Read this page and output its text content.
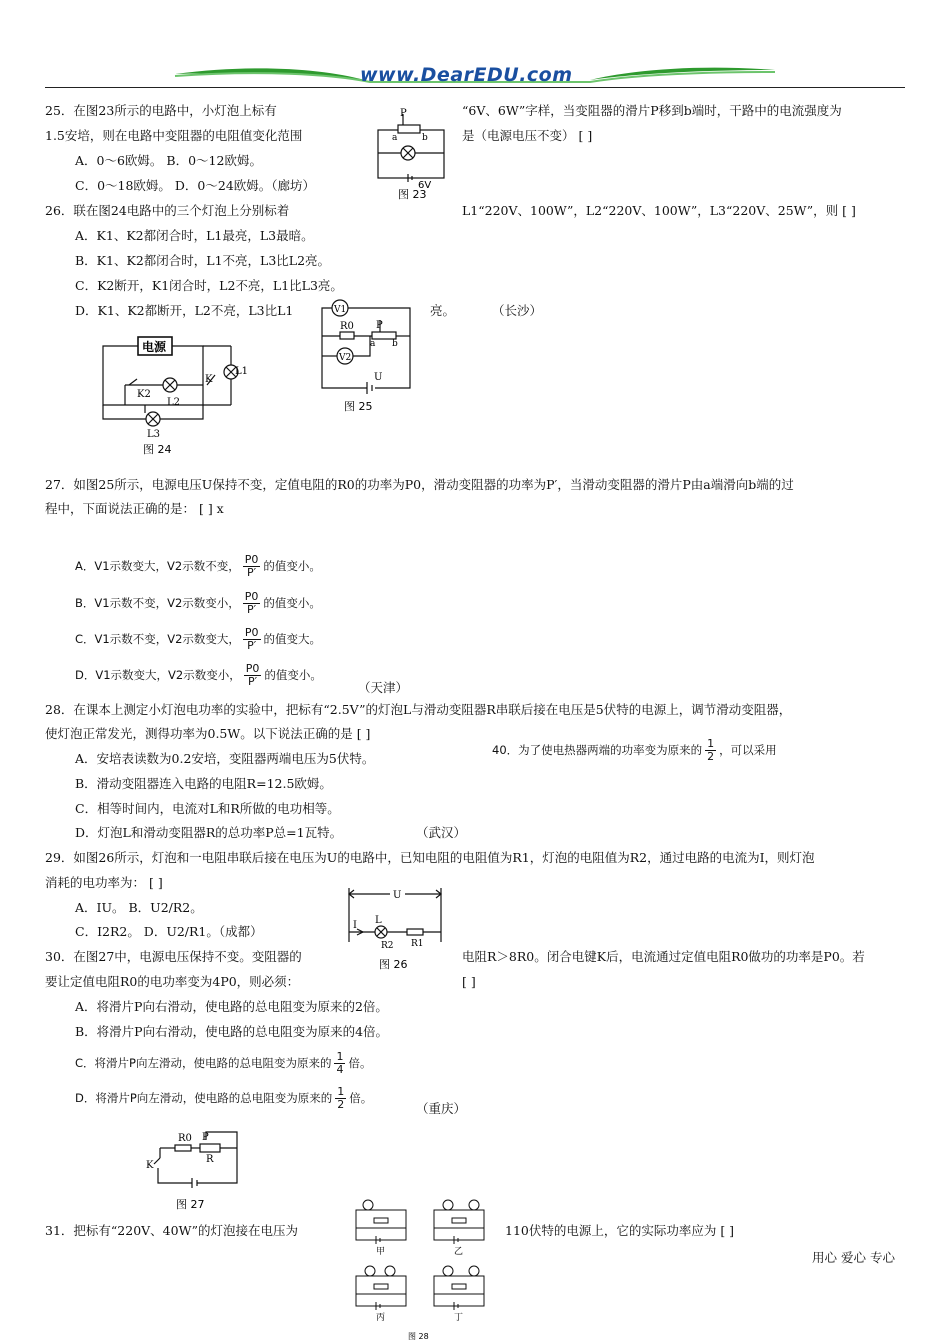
www.DearEDU.com
25．在图23所示的电路中，小灯泡上标有	“6V、6W”字样，当变阻器的滑片P移到b端时，干路中的电流强度为
1.5安培，则在电路中变阻器的电阻值变化范围	是（电源电压不变） [ ]
A．0～6欧姆。 B．0～12欧姆。
C．0～18欧姆。 D．0～24欧姆。（廊坊）
P
a	b
6V
图 23
26．联在图24电路中的三个灯泡上分别标着	L1“220V、100W”，L2“220V、100W”，L3“220V、25W”，则 [ ]
A．K1、K2都闭合时，L1最亮，L3最暗。
B．K1、K2都闭合时，L1不亮，L3比L2亮。
C．K2断开，K1闭合时，L2不亮，L1比L3亮。
D．K1、K2都断开，L2不亮，L3比L1	亮。	（长沙）
电源
L1
K
K2
L2
L3
图 24
V1
V2
R0 P
a b
U
图 25
27．如图25所示，电源电压U保持不变，定值电阻的R0的功率为P0，滑动变阻器的功率为P′，当滑动变阻器的滑片P由a端滑向b端的过
程中，下面说法正确的是： [ ] x
A．V1示数变大，V2示数不变， $\frac{P0}{P'}$ 的值变小。
B．V1示数不变，V2示数变小， $\frac{P0}{P'}$ 的值变小。
C．V1示数不变，V2示数变大， $\frac{P0}{P'}$ 的值变大。
D．V1示数变大，V2示数变小， $\frac{P0}{P'}$ 的值变小。
（天津）
28．在课本上测定小灯泡电功率的实验中，把标有“2.5V”的灯泡L与滑动变阻器R串联后接在电压是5伏特的电源上，调节滑动变阻器，
使灯泡正常发光，测得功率为0.5W。以下说法正确的是 [ ]
A．安培表读数为0.2安培，变阻器两端电压为5伏特。
B．滑动变阻器连入电路的电阻R=12.5欧姆。
C．相等时间内，电流对L和R所做的电功相等。
D．灯泡L和滑动变阻器R的总功率P总=1瓦特。	（武汉）
40．为了使电热器两端的功率变为原来的 $\frac{1}{2}$ ，可以采用
29．如图26所示，灯泡和一电阻串联后接在电压为U的电路中，已知电阻的电阻值为R1，灯泡的电阻值为R2，通过电路的电流为I，则灯泡
消耗的电功率为： [ ]
A．IU。 B．U2/R2。
C．I2R2。 D．U2/R1。（成都）
U
I L
R2 R1
图 26
30．在图27中，电源电压保持不变。变阻器的	电阻R＞8R0。闭合电键K后，电流通过定值电阻R0做功的功率是P0。若
要让定值电阻R0的电功率变为4P0，则必须：	[ ]
A．将滑片P向右滑动，使电路的总电阻变为原来的2倍。
B．将滑片P向右滑动，使电路的总电阻变为原来的4倍。
C．将滑片P向左滑动，使电路的总电阻变为原来的 $\frac{1}{4}$ 倍。
D．将滑片P向左滑动，使电路的总电阻变为原来的 $\frac{1}{2}$ 倍。
（重庆）
R0 P
R
K
图 27
31．把标有“220V、40W”的灯泡接在电压为	110伏特的电源上，它的实际功率应为 [ ]
用心 爱心 专心
甲	乙
丙	丁
图 28
